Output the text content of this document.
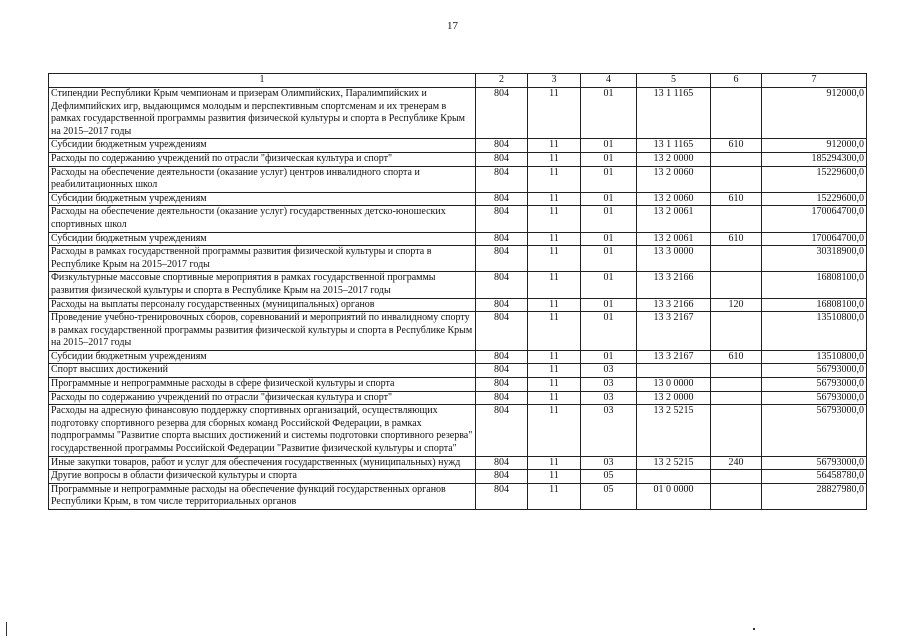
17
1	2	3	4	5	6	7
Стипендии Республики Крым чемпионам и призерам Олимпийских, Паралимпийских и Дефлимпийских игр, выдающимся молодым и перспективным спортсменам и их тренерам в рамках государственной программы развития физической культуры и спорта в Республике Крым на 2015–2017 годы	804	11	01	13 1 1165		912000,0
Субсидии бюджетным учреждениям	804	11	01	13 1 1165	610	912000,0
Расходы по содержанию учреждений по отрасли "физическая культура и спорт"	804	11	01	13 2 0000		185294300,0
Расходы на обеспечение деятельности (оказание услуг) центров инвалидного спорта и реабилитационных школ	804	11	01	13 2 0060		15229600,0
Субсидии бюджетным учреждениям	804	11	01	13 2 0060	610	15229600,0
Расходы на обеспечение деятельности (оказание услуг) государственных детско-юношеских спортивных школ	804	11	01	13 2 0061		170064700,0
Субсидии бюджетным учреждениям	804	11	01	13 2 0061	610	170064700,0
Расходы в рамках государственной программы развития физической культуры и спорта в Республике Крым на 2015–2017 годы	804	11	01	13 3 0000		30318900,0
Физкультурные массовые спортивные мероприятия в рамках государственной программы развития физической культуры и спорта в Республике Крым на 2015–2017 годы	804	11	01	13 3 2166		16808100,0
Расходы на выплаты персоналу государственных (муниципальных) органов	804	11	01	13 3 2166	120	16808100,0
Проведение учебно-тренировочных сборов, соревнований и мероприятий по инвалидному спорту в рамках государственной программы развития физической культуры и спорта в Республике Крым на 2015–2017 годы	804	11	01	13 3 2167		13510800,0
Субсидии бюджетным учреждениям	804	11	01	13 3 2167	610	13510800,0
Спорт высших достижений	804	11	03			56793000,0
Программные и непрограммные расходы в сфере физической культуры и спорта	804	11	03	13 0 0000		56793000,0
Расходы по содержанию учреждений по отрасли "физическая культура и спорт"	804	11	03	13 2 0000		56793000,0
Расходы на адресную финансовую поддержку спортивных организаций, осуществляющих подготовку спортивного резерва для сборных команд Российской Федерации, в рамках подпрограммы "Развитие спорта высших достижений и системы подготовки спортивного резерва" государственной программы Российской Федерации "Развитие физической культуры и спорта"	804	11	03	13 2 5215		56793000,0
Иные закупки товаров, работ и услуг для обеспечения государственных (муниципальных) нужд	804	11	03	13 2 5215	240	56793000,0
Другие вопросы в области физической культуры и спорта	804	11	05			56458780,0
Программные и непрограммные расходы на обеспечение функций государственных органов Республики Крым, в том числе территориальных органов	804	11	05	01 0 0000		28827980,0
